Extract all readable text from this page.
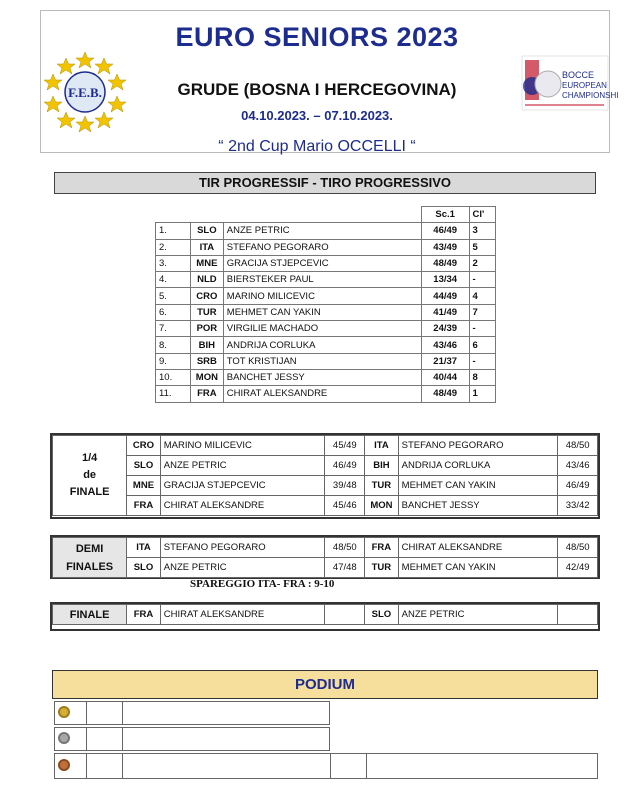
F.E.B.
BOCCE
EUROPEAN
CHAMPIONSHI
EURO SENIORS 2023
GRUDE (BOSNA I HERCEGOVINA)
04.10.2023. – 07.10.2023.
“ 2nd Cup Mario OCCELLI “
TIR PROGRESSIF - TIRO PROGRESSIVO
			Sc.1	Cl'
1.	SLO	ANZE PETRIC	46/49	3
2.	ITA	STEFANO PEGORARO	43/49	5
3.	MNE	GRACIJA STJEPCEVIC	48/49	2
4.	NLD	BIERSTEKER PAUL	13/34	-
5.	CRO	MARINO MILICEVIC	44/49	4
6.	TUR	MEHMET CAN YAKIN	41/49	7
7.	POR	VIRGILIE MACHADO	24/39	-
8.	BIH	ANDRIJA CORLUKA	43/46	6
9.	SRB	TOT KRISTIJAN	21/37	-
10.	MON	BANCHET JESSY	40/44	8
11.	FRA	CHIRAT ALEKSANDRE	48/49	1
1/4
de
FINALE	CRO	MARINO MILICEVIC	45/49	ITA	STEFANO PEGORARO	48/50
	SLO	ANZE PETRIC	46/49	BIH	ANDRIJA CORLUKA	43/46
	MNE	GRACIJA STJEPCEVIC	39/48	TUR	MEHMET CAN YAKIN	46/49
	FRA	CHIRAT ALEKSANDRE	45/46	MON	BANCHET JESSY	33/42
DEMI
FINALES	ITA	STEFANO PEGORARO	48/50	FRA	CHIRAT ALEKSANDRE	48/50
	SLO	ANZE PETRIC	47/48	TUR	MEHMET CAN YAKIN	42/49
SPAREGGIO ITA- FRA : 9-10
FINALE	FRA	CHIRAT ALEKSANDRE		SLO	ANZE PETRIC	
PODIUM
